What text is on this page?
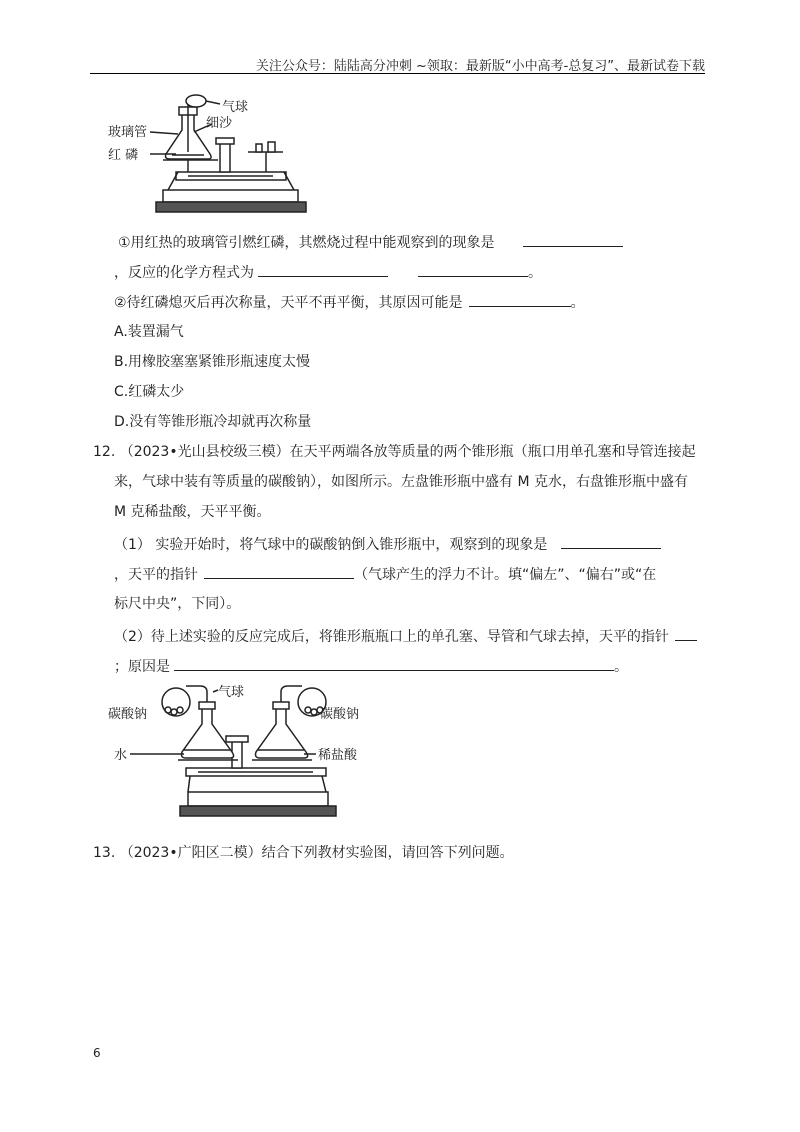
关注公众号：陆陆高分冲刺 ~领取：最新版“小中高考-总复习”、最新试卷下载
气球
细沙
玻璃管
红 磷
①用红热的玻璃管引燃红磷，其燃烧过程中能观察到的现象是
，反应的化学方程式为	。
②待红磷熄灭后再次称量，天平不再平衡，其原因可能是	。
A.装置漏气
B.用橡胶塞塞紧锥形瓶速度太慢
C.红磷太少
D.没有等锥形瓶冷却就再次称量
12. （2023•光山县校级三模）在天平两端各放等质量的两个锥形瓶（瓶口用单孔塞和导管连接起
来，气球中装有等质量的碳酸钠），如图所示。左盘锥形瓶中盛有 M 克水，右盘锥形瓶中盛有
M 克稀盐酸，天平平衡。
（1） 实验开始时，将气球中的碳酸钠倒入锥形瓶中，观察到的现象是
，天平的指针	（气球产生的浮力不计。填“偏左”、“偏右”或“在
标尺中央”，下同）。
（2）待上述实验的反应完成后，将锥形瓶瓶口上的单孔塞、导管和气球去掉，天平的指针
；原因是	。
气球
碳酸钠	碳酸钠
水	稀盐酸
13. （2023•广阳区二模）结合下列教材实验图，请回答下列问题。
6
